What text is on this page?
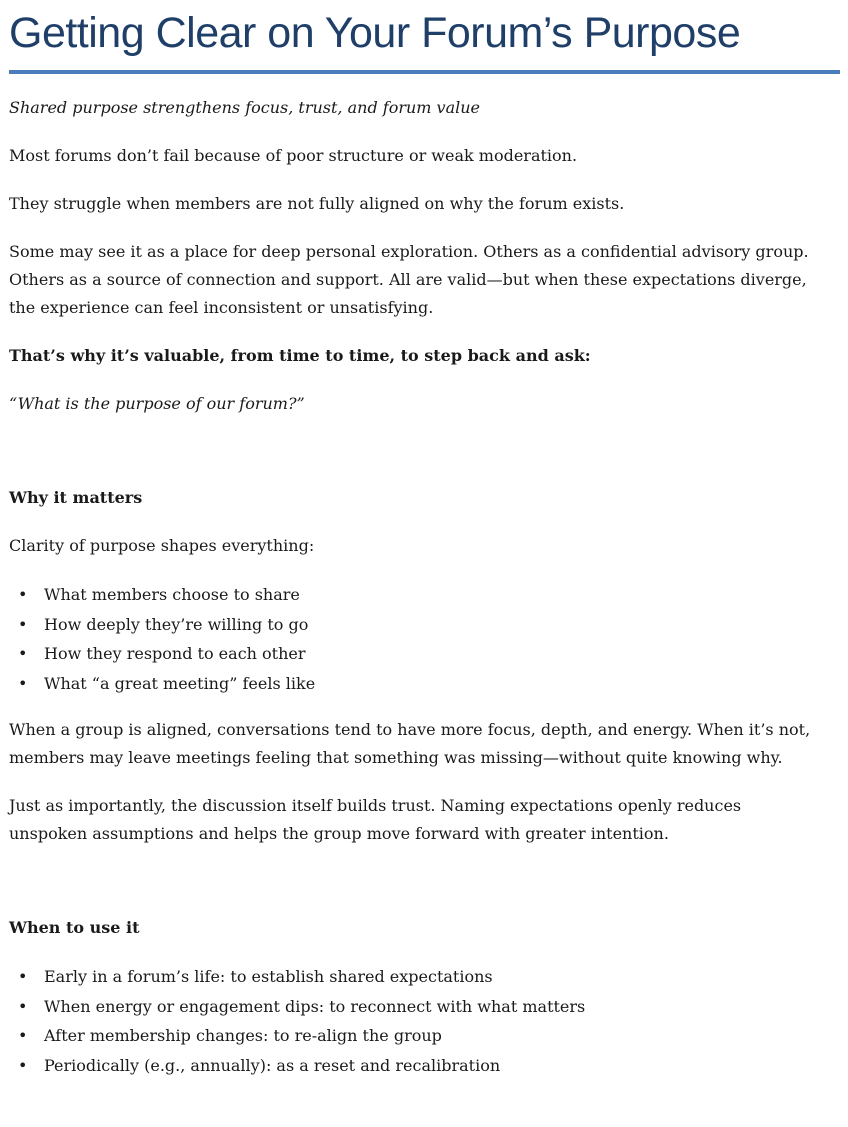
Getting Clear on Your Forum’s Purpose

Shared purpose strengthens focus, trust, and forum value

Most forums don’t fail because of poor structure or weak moderation.

They struggle when members are not fully aligned on why the forum exists.

Some may see it as a place for deep personal exploration. Others as a confidential advisory group. Others as a source of connection and support. All are valid—but when these expectations diverge, the experience can feel inconsistent or unsatisfying.

That’s why it’s valuable, from time to time, to step back and ask:

“What is the purpose of our forum?”

Why it matters

Clarity of purpose shapes everything:

• What members choose to share
• How deeply they’re willing to go
• How they respond to each other
• What “a great meeting” feels like

When a group is aligned, conversations tend to have more focus, depth, and energy. When it’s not, members may leave meetings feeling that something was missing—without quite knowing why.

Just as importantly, the discussion itself builds trust. Naming expectations openly reduces unspoken assumptions and helps the group move forward with greater intention.

When to use it
• Early in a forum’s life: to establish shared expectations
• When energy or engagement dips: to reconnect with what matters
• After membership changes: to re-align the group
• Periodically (e.g., annually): as a reset and recalibration
